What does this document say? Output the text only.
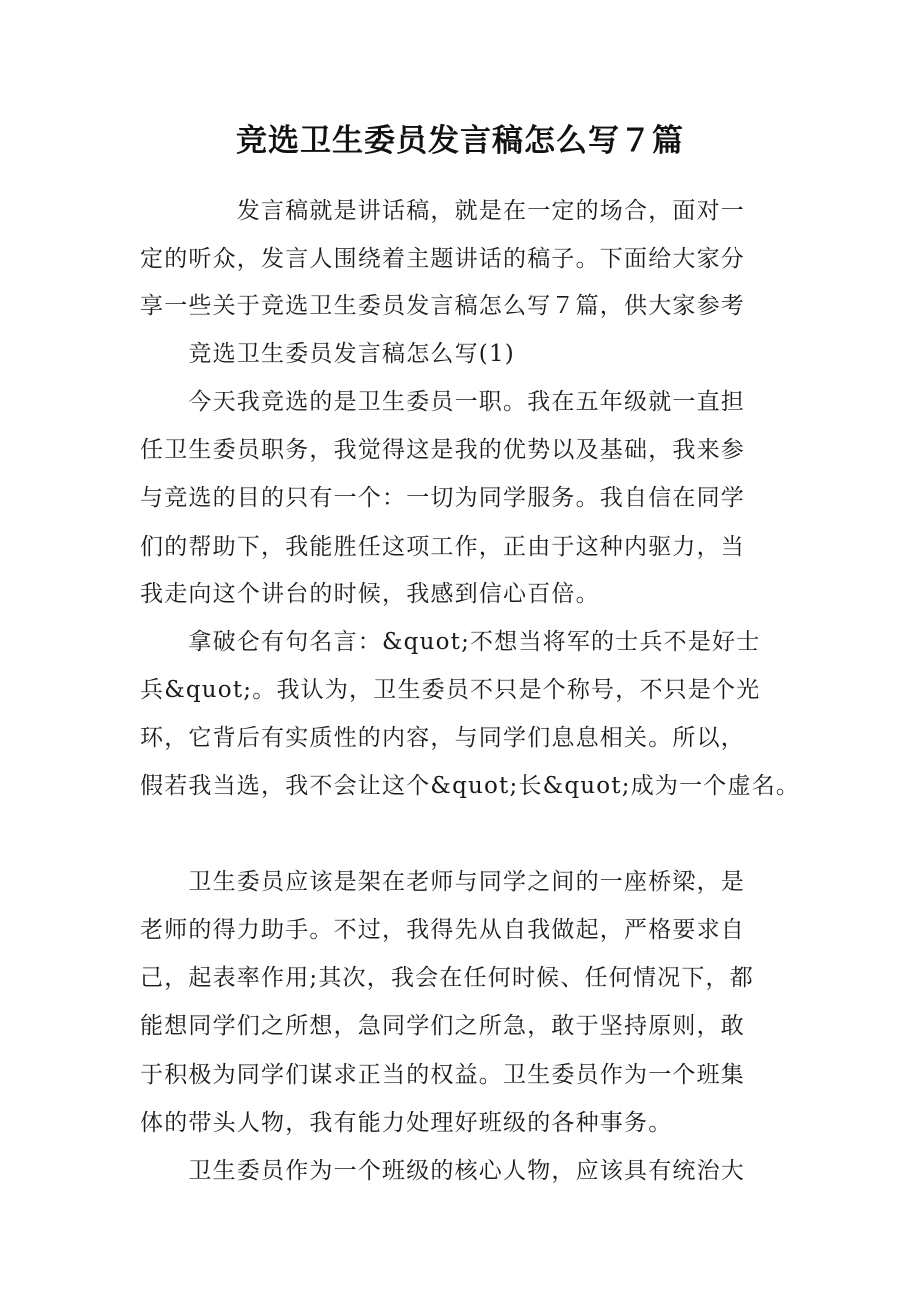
竞选卫生委员发言稿怎么写７篇
　　　　发言稿就是讲话稿，就是在一定的场合，面对一
定的听众，发言人围绕着主题讲话的稿子。下面给大家分
享一些关于竞选卫生委员发言稿怎么写７篇，供大家参考
　　竞选卫生委员发言稿怎么写(1)
　　今天我竞选的是卫生委员一职。我在五年级就一直担
任卫生委员职务，我觉得这是我的优势以及基础，我来参
与竞选的目的只有一个：一切为同学服务。我自信在同学
们的帮助下，我能胜任这项工作，正由于这种内驱力，当
我走向这个讲台的时候，我感到信心百倍。
　　拿破仑有句名言：&quot;不想当将军的士兵不是好士
兵&quot;。我认为，卫生委员不只是个称号，不只是个光
环，它背后有实质性的内容，与同学们息息相关。所以，
假若我当选，我不会让这个&quot;长&quot;成为一个虚名。
　　卫生委员应该是架在老师与同学之间的一座桥梁，是
老师的得力助手。不过，我得先从自我做起，严格要求自
己，起表率作用;其次，我会在任何时候、任何情况下，都
能想同学们之所想，急同学们之所急，敢于坚持原则，敢
于积极为同学们谋求正当的权益。卫生委员作为一个班集
体的带头人物，我有能力处理好班级的各种事务。
　　卫生委员作为一个班级的核心人物，应该具有统治大
